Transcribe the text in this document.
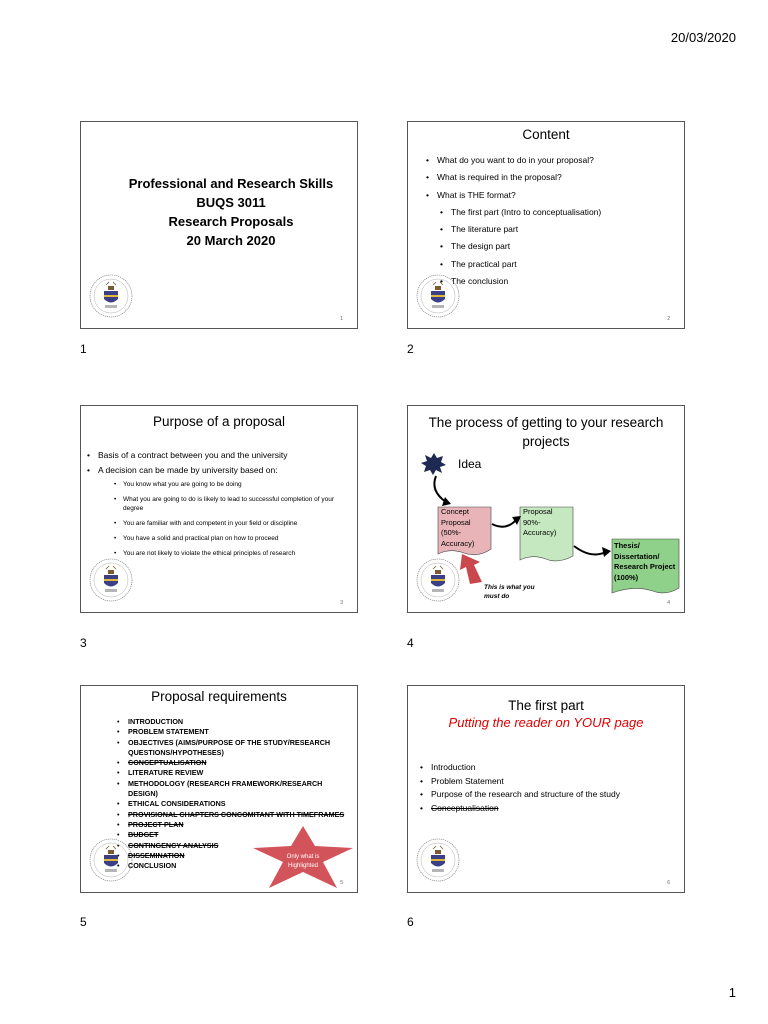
20/03/2020
Professional and Research Skills
BUQS 3011
Research Proposals
20 March 2020
1
1
Content
• What do you want to do in your proposal?
• What is required in the proposal?
• What is THE format?
• The first part (Intro to conceptualisation)
• The literature part
• The design part
• The practical part
• The conclusion
2
2
Purpose of a proposal
• Basis of a contract between you and the university
• A decision can be made by university based on:
• You know what you are going to be doing
• What you are going to do is likely to lead to successful completion of your degree
• You are familiar with and competent in your field or discipline
• You have a solid and practical plan on how to proceed
• You are not likely to violate the ethical principles of research
3
3
The process of getting to your research projects
Idea
Concept Proposal (50%-Accuracy)
Proposal 90%-Accuracy)
Thesis/ Dissertation/ Research Project (100%)
This is what you must do
4
4
Proposal requirements
• INTRODUCTION
• PROBLEM STATEMENT
• OBJECTIVES (AIMS/PURPOSE OF THE STUDY/RESEARCH QUESTIONS/HYPOTHESES)
• CONCEPTUALISATION
• LITERATURE REVIEW
• METHODOLOGY (RESEARCH FRAMEWORK/RESEARCH DESIGN)
• ETHICAL CONSIDERATIONS
• PROVISIONAL CHAPTERS CONCOMITANT WITH TIMEFRAMES
• PROJECT PLAN
• BUDGET
• CONTINGENCY ANALYSIS
• DISSEMINATION
• CONCLUSION
Only what is Highlighted
5
5
The first part
Putting the reader on YOUR page
• Introduction
• Problem Statement
• Purpose of the research and structure of the study
• Conceptualisation
6
6
1
